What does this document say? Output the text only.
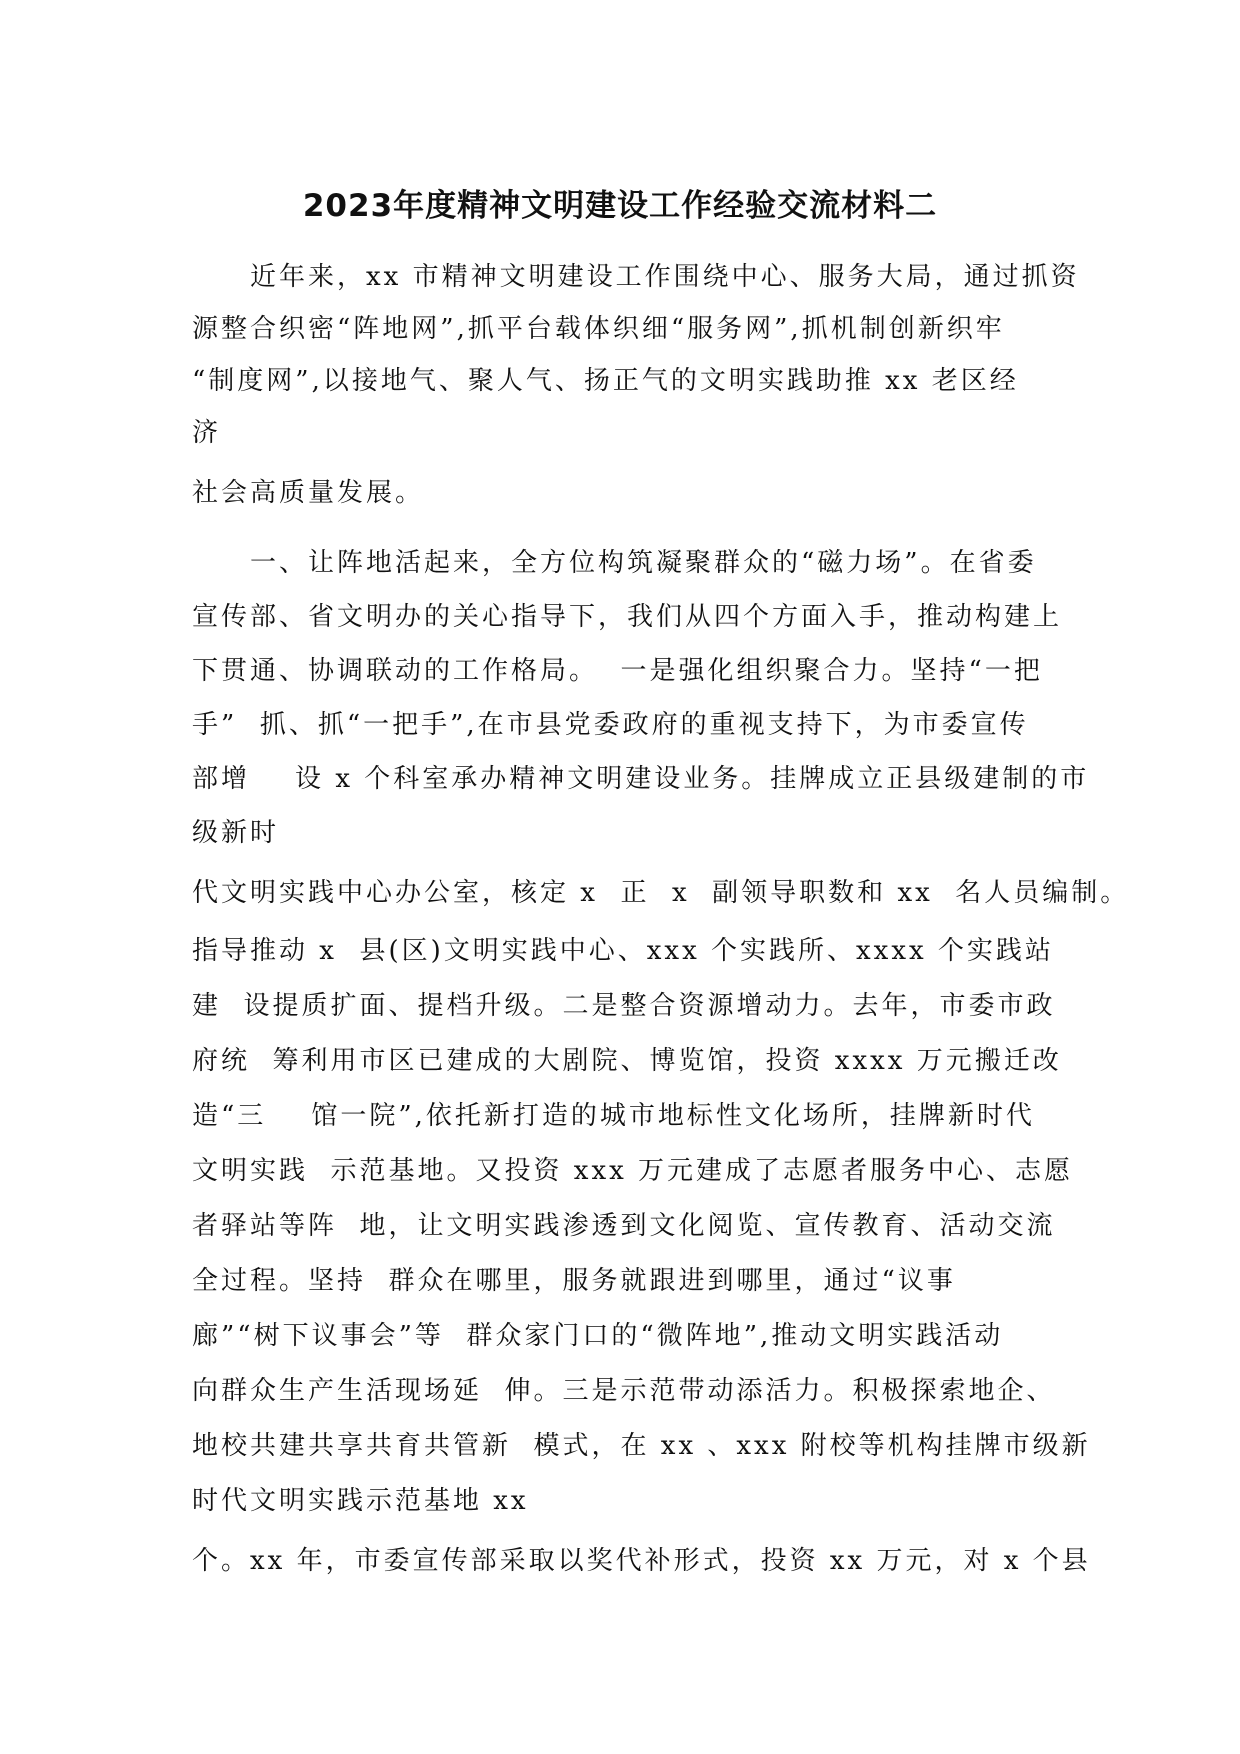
2023年度精神文明建设工作经验交流材料二
近年来，xx 市精神文明建设工作围绕中心、服务大局，通过抓资
源整合织密“阵地网”,抓平台载体织细“服务网”,抓机制创新织牢
“制度网”,以接地气、聚人气、扬正气的文明实践助推 xx 老区经
济
社会高质量发展。
一、让阵地活起来，全方位构筑凝聚群众的“磁力场”。在省委
宣传部、省文明办的关心指导下，我们从四个方面入手，推动构建上
下贯通、协调联动的工作格局。  一是强化组织聚合力。坚持“一把
手”  抓、抓“一把手”,在市县党委政府的重视支持下，为市委宣传
部增    设 x 个科室承办精神文明建设业务。挂牌成立正县级建制的市
级新时
代文明实践中心办公室，核定 x  正  x  副领导职数和 xx  名人员编制。
指导推动 x  县(区)文明实践中心、xxx 个实践所、xxxx 个实践站
建  设提质扩面、提档升级。二是整合资源增动力。去年，市委市政
府统  筹利用市区已建成的大剧院、博览馆，投资 xxxx 万元搬迁改
造“三    馆一院”,依托新打造的城市地标性文化场所，挂牌新时代
文明实践  示范基地。又投资 xxx 万元建成了志愿者服务中心、志愿
者驿站等阵  地，让文明实践渗透到文化阅览、宣传教育、活动交流
全过程。坚持  群众在哪里，服务就跟进到哪里，通过“议事
廊”“树下议事会”等  群众家门口的“微阵地”,推动文明实践活动
向群众生产生活现场延  伸。三是示范带动添活力。积极探索地企、
地校共建共享共育共管新  模式，在 xx 、xxx 附校等机构挂牌市级新
时代文明实践示范基地 xx
个。xx 年，市委宣传部采取以奖代补形式，投资 xx 万元，对 x 个县
